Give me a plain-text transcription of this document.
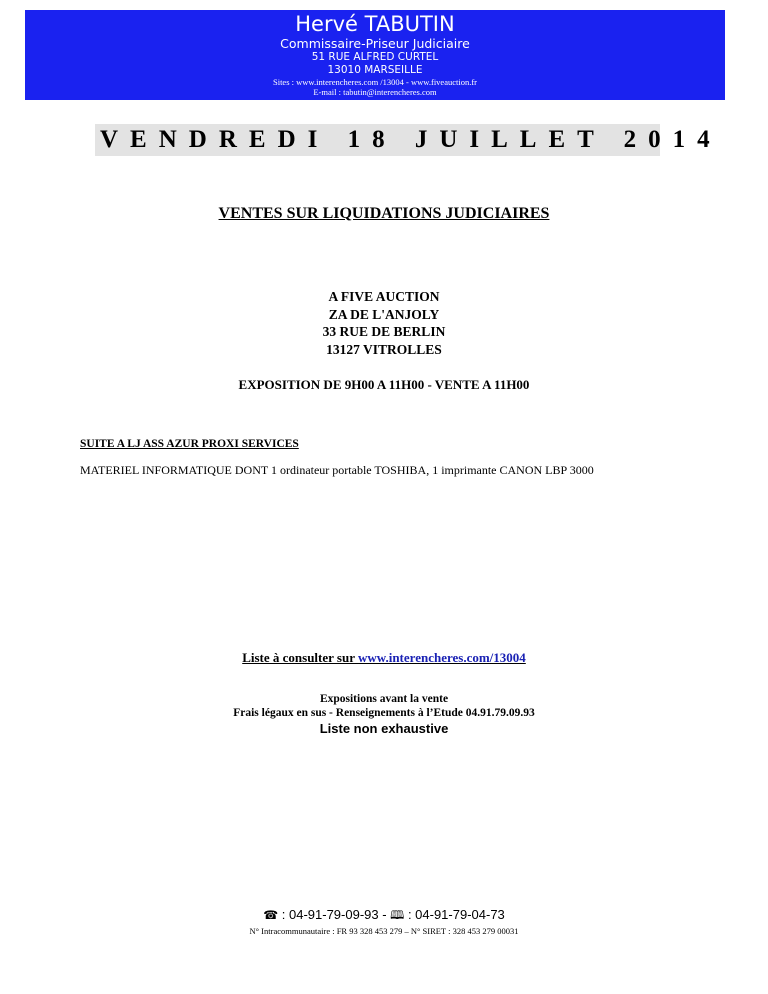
Hervé TABUTIN
Commissaire-Priseur Judiciaire
51 RUE ALFRED CURTEL
13010 MARSEILLE
Sites : www.interencheres.com /13004 - www.fiveauction.fr
E-mail : tabutin@interencheres.com
VENDREDI 18 JUILLET 2014
VENTES SUR LIQUIDATIONS JUDICIAIRES
A FIVE AUCTION
ZA DE L'ANJOLY
33 RUE DE BERLIN
13127 VITROLLES
EXPOSITION DE 9H00 A 11H00 - VENTE A 11H00
SUITE A LJ ASS AZUR PROXI SERVICES
MATERIEL INFORMATIQUE DONT 1 ordinateur portable TOSHIBA, 1 imprimante CANON LBP 3000
Liste à consulter sur www.interencheres.com/13004
Expositions avant la vente
Frais légaux en sus - Renseignements à l’Etude 04.91.79.09.93
Liste non exhaustive
☎ : 04-91-79-09-93 - 🕮 : 04-91-79-04-73
N° Intracommunautaire : FR 93 328 453 279 – N° SIRET : 328 453 279 00031
